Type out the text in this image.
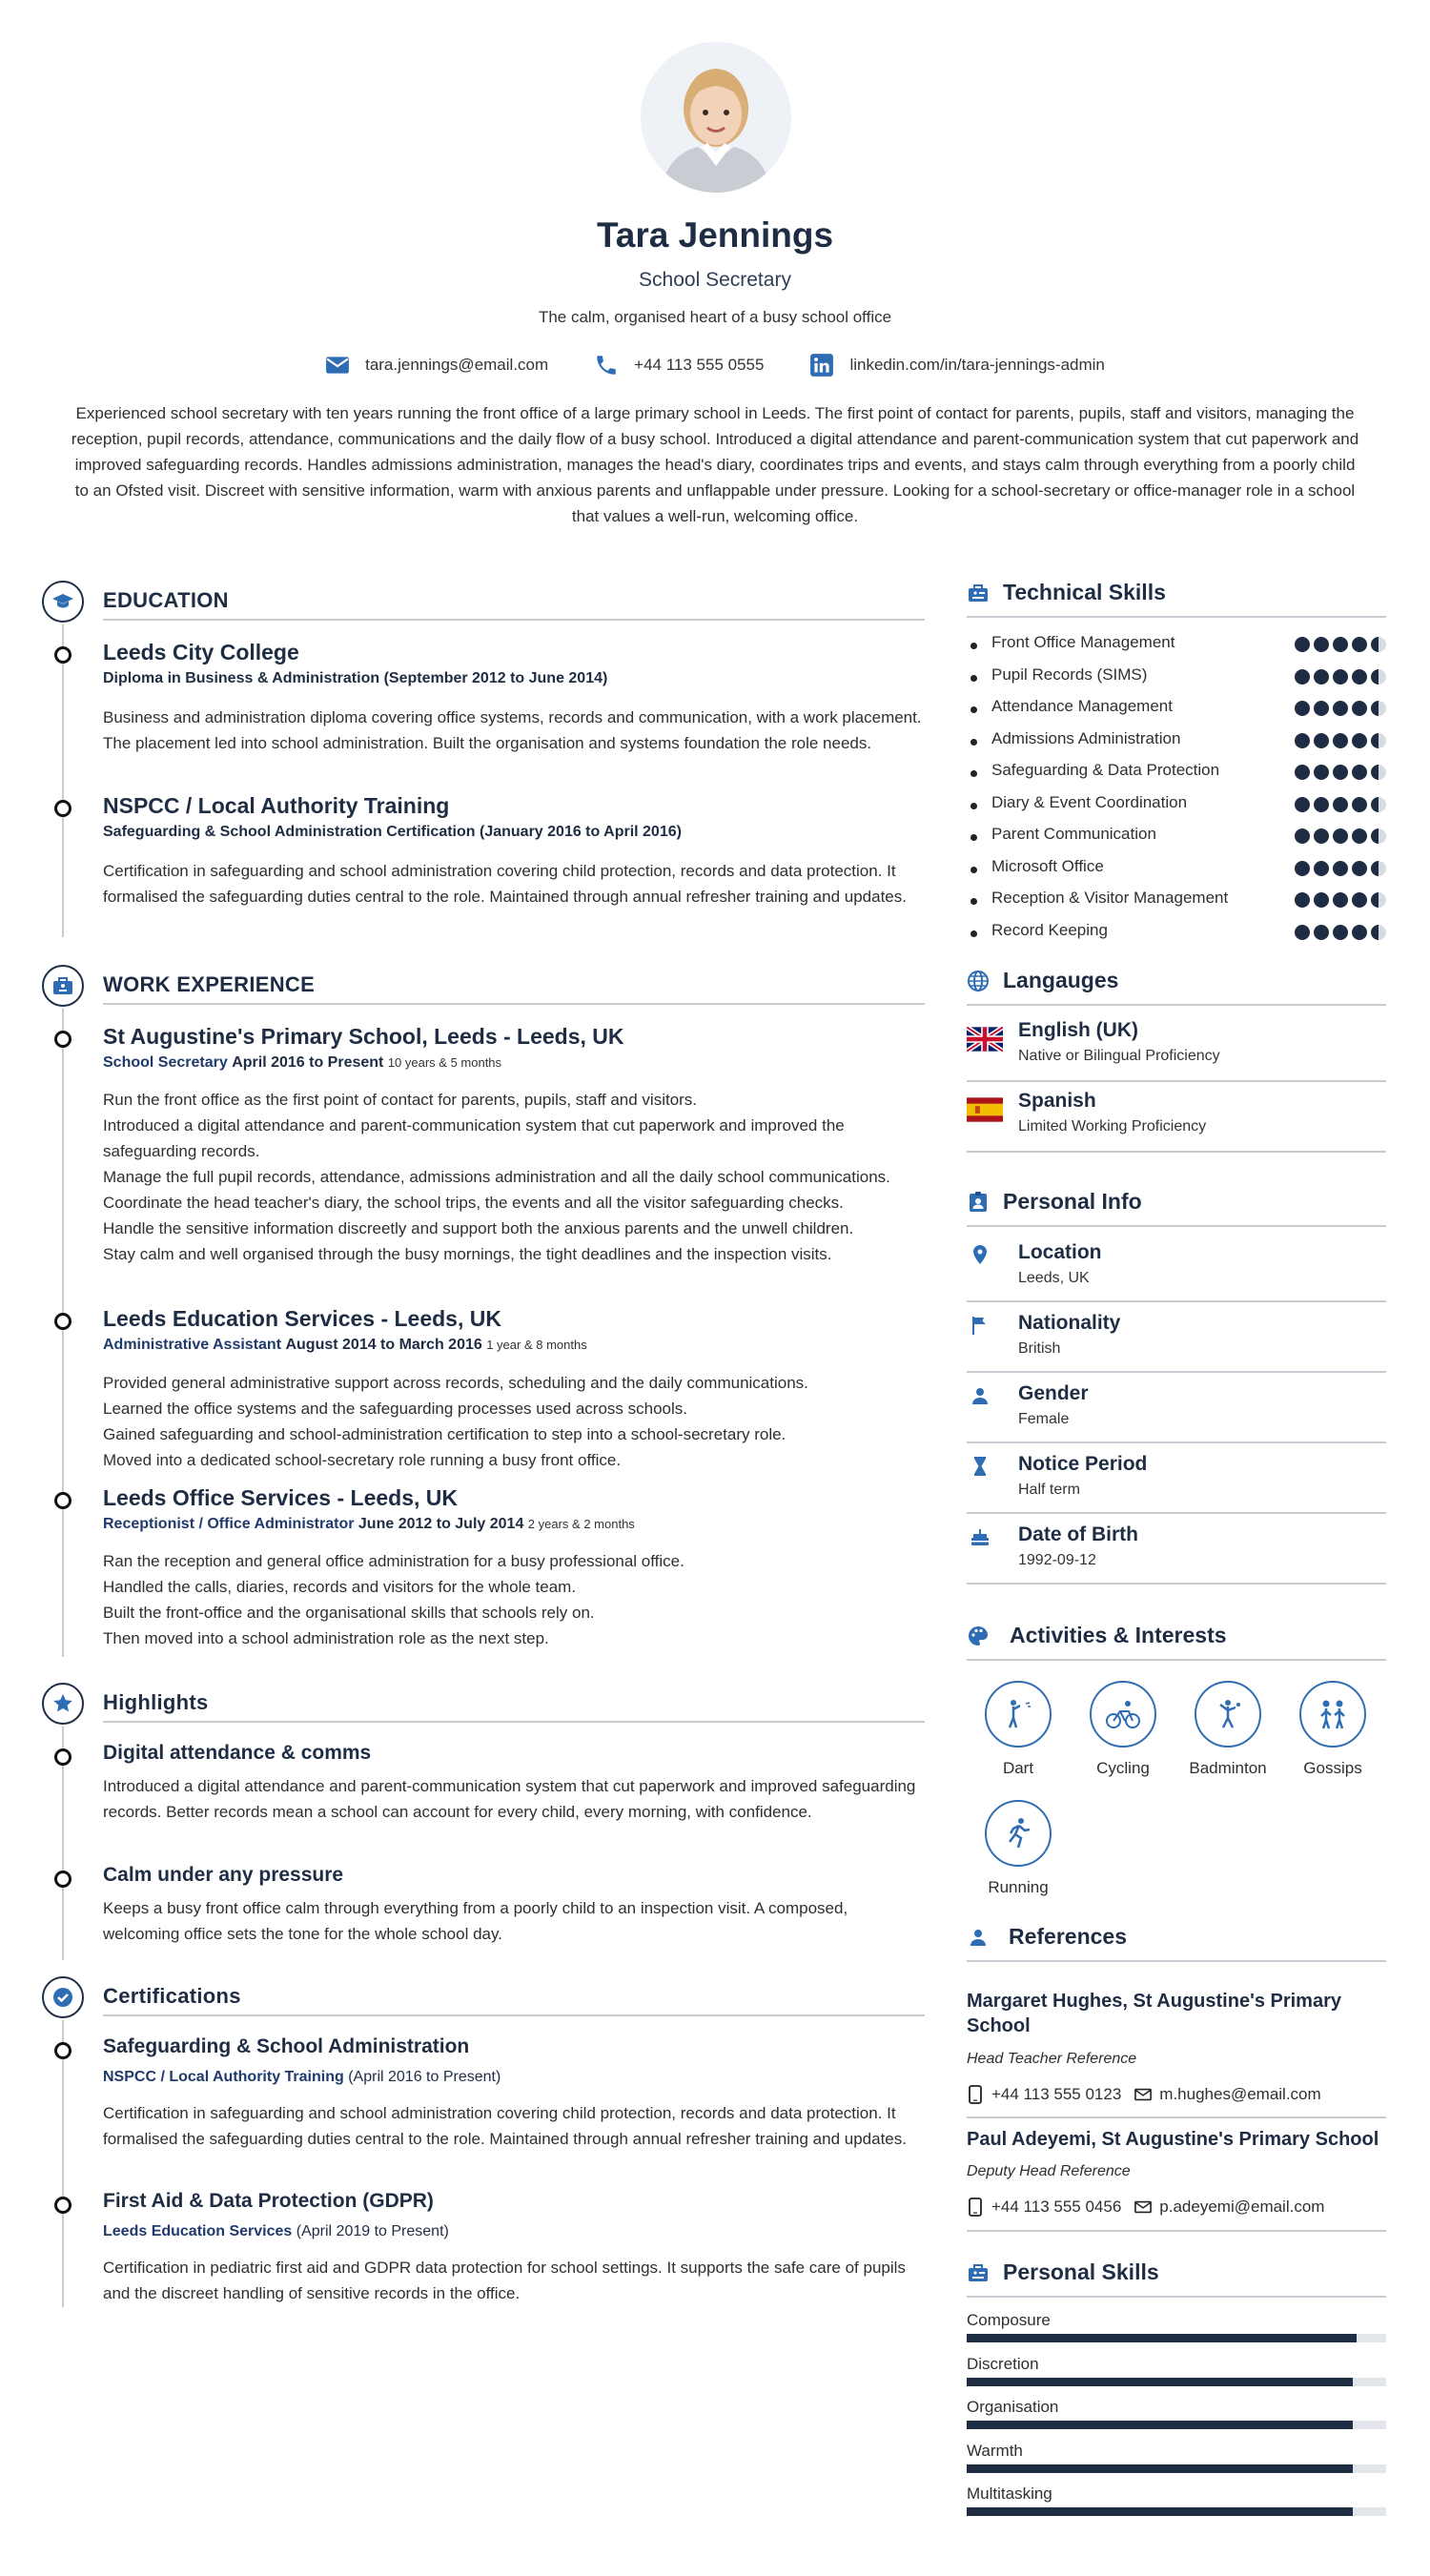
Tara Jennings
School Secretary
The calm, organised heart of a busy school office
tara.jennings@email.com	+44 113 555 0555	linkedin.com/in/tara-jennings-admin
Experienced school secretary with ten years running the front office of a large primary school in Leeds. The first point of contact for parents, pupils, staff and visitors, managing the reception, pupil records, attendance, communications and the daily flow of a busy school. Introduced a digital attendance and parent-communication system that cut paperwork and improved safeguarding records. Handles admissions administration, manages the head's diary, coordinates trips and events, and stays calm through everything from a poorly child to an Ofsted visit. Discreet with sensitive information, warm with anxious parents and unflappable under pressure. Looking for a school-secretary or office-manager role in a school that values a well-run, welcoming office.
EDUCATION
Leeds City College
Diploma in Business & Administration (September 2012 to June 2014)
Business and administration diploma covering office systems, records and communication, with a work placement. The placement led into school administration. Built the organisation and systems foundation the role needs.
NSPCC / Local Authority Training
Safeguarding & School Administration Certification (January 2016 to April 2016)
Certification in safeguarding and school administration covering child protection, records and data protection. It formalised the safeguarding duties central to the role. Maintained through annual refresher training and updates.
WORK EXPERIENCE
St Augustine's Primary School, Leeds - Leeds, UK
School Secretary April 2016 to Present 10 years & 5 months
Run the front office as the first point of contact for parents, pupils, staff and visitors.
Introduced a digital attendance and parent-communication system that cut paperwork and improved the safeguarding records.
Manage the full pupil records, attendance, admissions administration and all the daily school communications.
Coordinate the head teacher's diary, the school trips, the events and all the visitor safeguarding checks.
Handle the sensitive information discreetly and support both the anxious parents and the unwell children.
Stay calm and well organised through the busy mornings, the tight deadlines and the inspection visits.
Leeds Education Services - Leeds, UK
Administrative Assistant August 2014 to March 2016 1 year & 8 months
Provided general administrative support across records, scheduling and the daily communications.
Learned the office systems and the safeguarding processes used across schools.
Gained safeguarding and school-administration certification to step into a school-secretary role.
Moved into a dedicated school-secretary role running a busy front office.
Leeds Office Services - Leeds, UK
Receptionist / Office Administrator June 2012 to July 2014 2 years & 2 months
Ran the reception and general office administration for a busy professional office.
Handled the calls, diaries, records and visitors for the whole team.
Built the front-office and the organisational skills that schools rely on.
Then moved into a school administration role as the next step.
Highlights
Digital attendance & comms
Introduced a digital attendance and parent-communication system that cut paperwork and improved safeguarding records. Better records mean a school can account for every child, every morning, with confidence.
Calm under any pressure
Keeps a busy front office calm through everything from a poorly child to an inspection visit. A composed, welcoming office sets the tone for the whole school day.
Certifications
Safeguarding & School Administration
NSPCC / Local Authority Training (April 2016 to Present)
Certification in safeguarding and school administration covering child protection, records and data protection. It formalised the safeguarding duties central to the role. Maintained through annual refresher training and updates.
First Aid & Data Protection (GDPR)
Leeds Education Services (April 2019 to Present)
Certification in pediatric first aid and GDPR data protection for school settings. It supports the safe care of pupils and the discreet handling of sensitive records in the office.
Technical Skills
Front Office Management
Pupil Records (SIMS)
Attendance Management
Admissions Administration
Safeguarding & Data Protection
Diary & Event Coordination
Parent Communication
Microsoft Office
Reception & Visitor Management
Record Keeping
Langauges
English (UK)
Native or Bilingual Proficiency
Spanish
Limited Working Proficiency
Personal Info
Location
Leeds, UK
Nationality
British
Gender
Female
Notice Period
Half term
Date of Birth
1992-09-12
Activities & Interests
Dart	Cycling	Badminton	Gossips
Running
References
Margaret Hughes, St Augustine's Primary School
Head Teacher Reference
+44 113 555 0123 m.hughes@email.com
Paul Adeyemi, St Augustine's Primary School
Deputy Head Reference
+44 113 555 0456 p.adeyemi@email.com
Personal Skills
Composure
Discretion
Organisation
Warmth
Multitasking
